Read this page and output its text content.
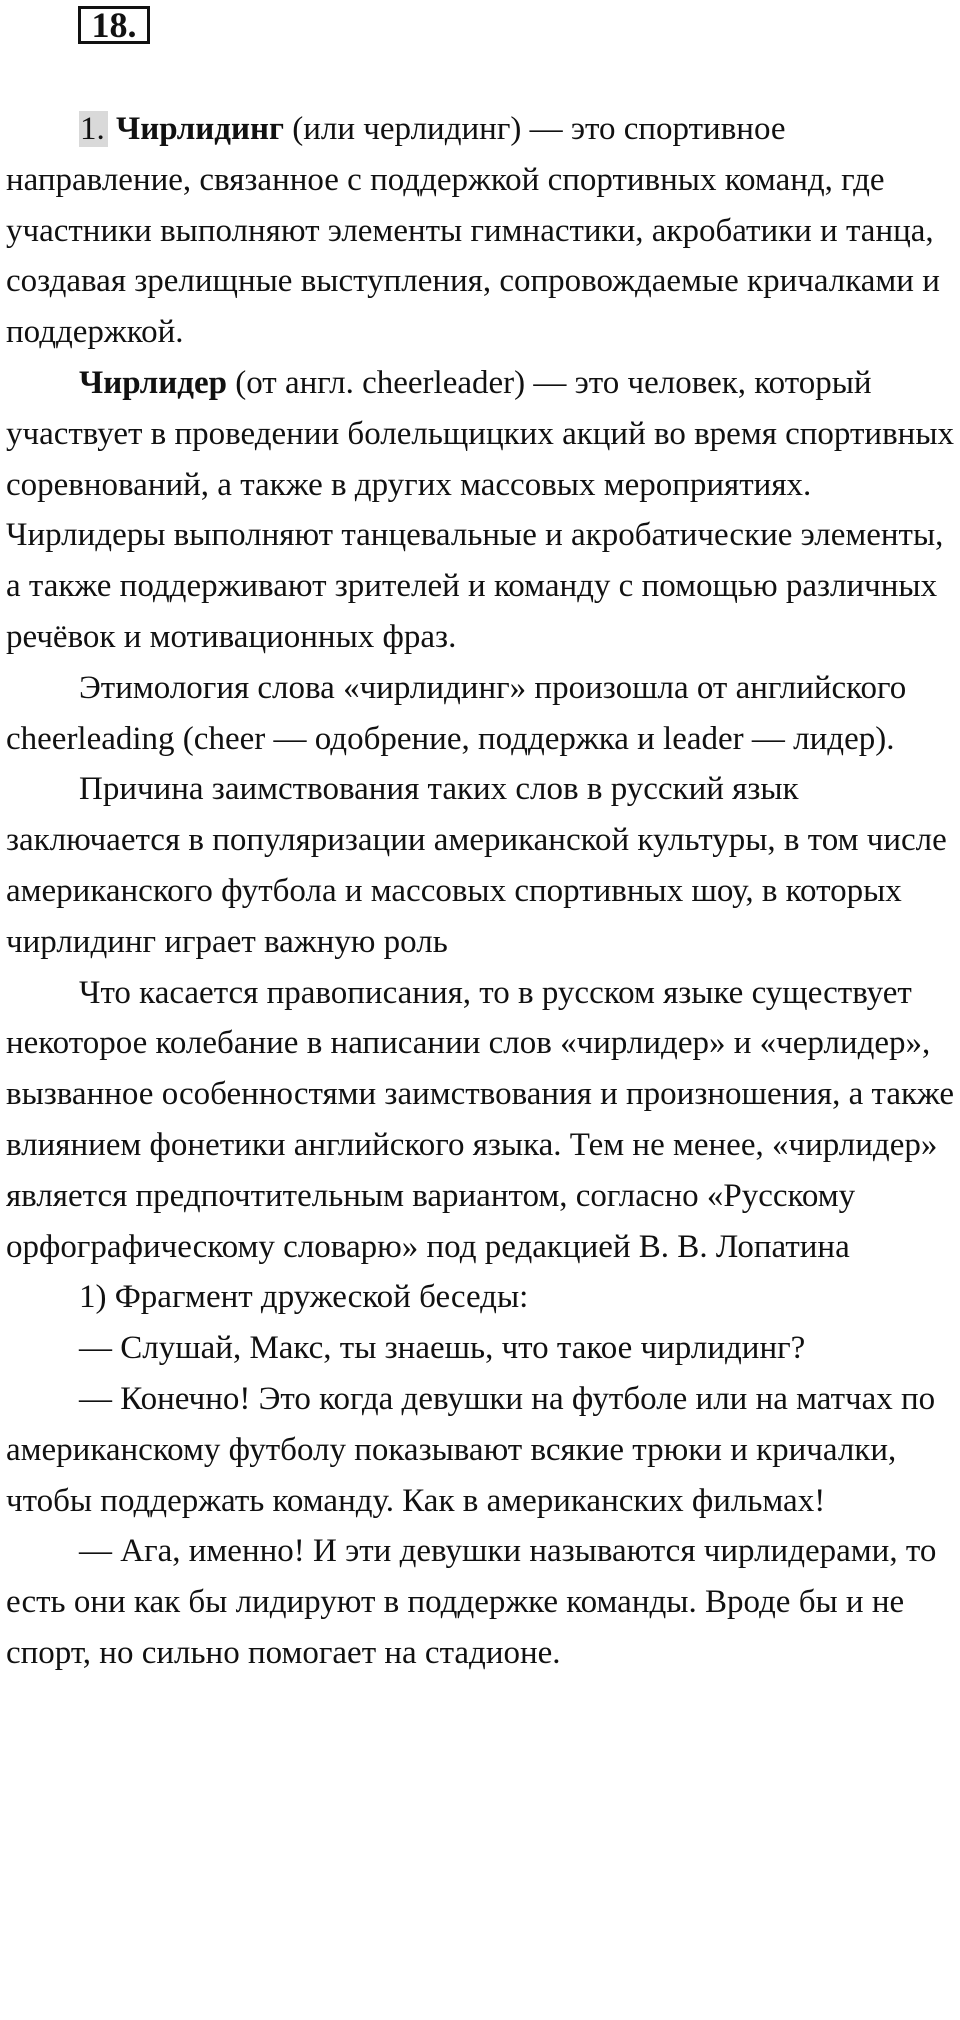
18.

1. Чирлидинг (или черлидинг) — это спортивное направление, связанное с поддержкой спортивных команд, где участники выполняют элементы гимнастики, акробатики и танца, создавая зрелищные выступления, сопровождаемые кричалками и поддержкой.

Чирлидер (от англ. cheerleader) — это человек, который участвует в проведении болельщицких акций во время спортивных соревнований, а также в других массовых мероприятиях. Чирлидеры выполняют танцевальные и акробатические элементы, а также поддерживают зрителей и команду с помощью различных речёвок и мотивационных фраз.

Этимология слова «чирлидинг» произошла от английского cheerleading (cheer — одобрение, поддержка и leader — лидер).

Причина заимствования таких слов в русский язык заключается в популяризации американской культуры, в том числе американского футбола и массовых спортивных шоу, в которых чирлидинг играет важную роль

Что касается правописания, то в русском языке существует некоторое колебание в написании слов «чирлидер» и «черлидер», вызванное особенностями заимствования и произношения, а также влиянием фонетики английского языка. Тем не менее, «чирлидер» является предпочтительным вариантом, согласно «Русскому орфографическому словарю» под редакцией В. В. Лопатина

1) Фрагмент дружеской беседы:

— Слушай, Макс, ты знаешь, что такое чирлидинг?

— Конечно! Это когда девушки на футболе или на матчах по американскому футболу показывают всякие трюки и кричалки, чтобы поддержать команду. Как в американских фильмах!

— Ага, именно! И эти девушки называются чирлидерами, то есть они как бы лидируют в поддержке команды. Вроде бы и не спорт, но сильно помогает на стадионе.
